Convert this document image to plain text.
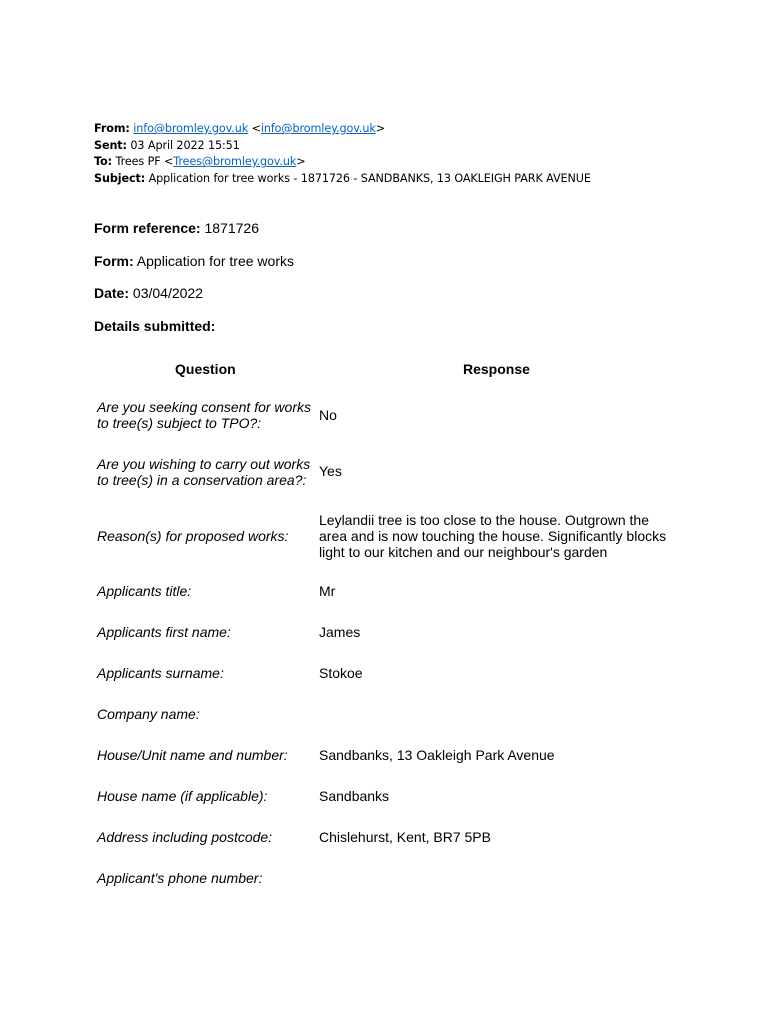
From: info@bromley.gov.uk <info@bromley.gov.uk>
Sent: 03 April 2022 15:51
To: Trees PF <Trees@bromley.gov.uk>
Subject: Application for tree works - 1871726 - SANDBANKS, 13 OAKLEIGH PARK AVENUE
Form reference: 1871726
Form: Application for tree works
Date: 03/04/2022
Details submitted:
Question	Response
Are you seeking consent for works to tree(s) subject to TPO?:	No
Are you wishing to carry out works to tree(s) in a conservation area?:
Yes
Reason(s) for proposed works:
Leylandii tree is too close to the house. Outgrown the area and is now touching the house. Significantly blocks light to our kitchen and our neighbour's garden
Applicants title:	Mr
Applicants first name:	James
Applicants surname:	Stokoe
Company name:
House/Unit name and number:	Sandbanks, 13 Oakleigh Park Avenue
House name (if applicable):	Sandbanks
Address including postcode:	Chislehurst, Kent, BR7 5PB
Applicant's phone number:
